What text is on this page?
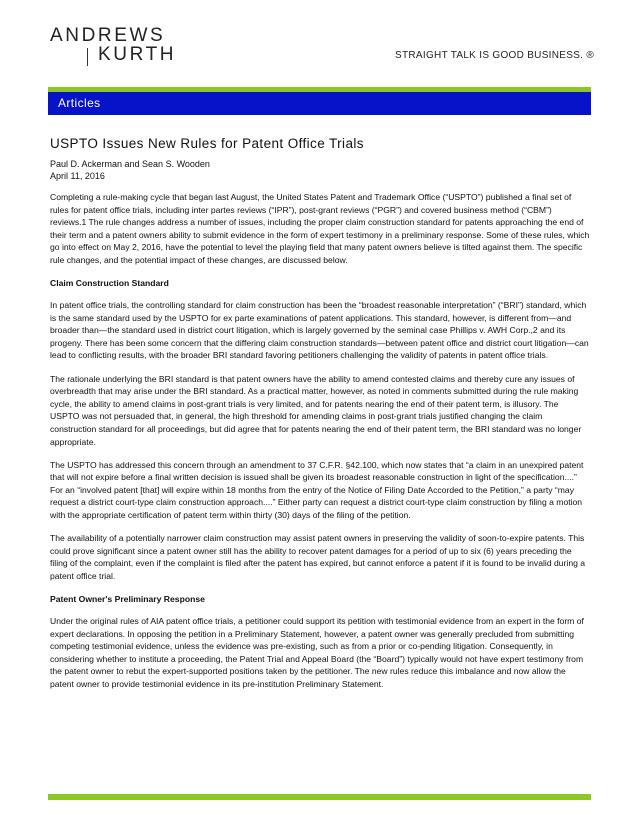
ANDREWS
KURTH	STRAIGHT TALK IS GOOD BUSINESS. ®
Articles
USPTO Issues New Rules for Patent Office Trials
Paul D. Ackerman and Sean S. Wooden
April 11, 2016

Completing a rule-making cycle that began last August, the United States Patent and Trademark Office (“USPTO”) published a final set of rules for patent office trials, including inter partes reviews (“IPR”), post-grant reviews (“PGR”) and covered business method (“CBM”) reviews.1 The rule changes address a number of issues, including the proper claim construction standard for patents approaching the end of their term and a patent owners ability to submit evidence in the form of expert testimony in a preliminary response. Some of these rules, which go into effect on May 2, 2016, have the potential to level the playing field that many patent owners believe is tilted against them. The specific rule changes, and the potential impact of these changes, are discussed below.

Claim Construction Standard

In patent office trials, the controlling standard for claim construction has been the “broadest reasonable interpretation” (“BRI”) standard, which is the same standard used by the USPTO for ex parte examinations of patent applications. This standard, however, is different from—and broader than—the standard used in district court litigation, which is largely governed by the seminal case Phillips v. AWH Corp.,2 and its progeny. There has been some concern that the differing claim construction standards—between patent office and district court litigation—can lead to conflicting results, with the broader BRI standard favoring petitioners challenging the validity of patents in patent office trials.

The rationale underlying the BRI standard is that patent owners have the ability to amend contested claims and thereby cure any issues of overbreadth that may arise under the BRI standard. As a practical matter, however, as noted in comments submitted during the rule making cycle, the ability to amend claims in post-grant trials is very limited, and for patents nearing the end of their patent term, is illusory. The USPTO was not persuaded that, in general, the high threshold for amending claims in post-grant trials justified changing the claim construction standard for all proceedings, but did agree that for patents nearing the end of their patent term, the BRI standard was no longer appropriate.

The USPTO has addressed this concern through an amendment to 37 C.F.R. §42.100, which now states that “a claim in an unexpired patent that will not expire before a final written decision is issued shall be given its broadest reasonable construction in light of the specification....” For an “involved patent [that] will expire within 18 months from the entry of the Notice of Filing Date Accorded to the Petition,” a party “may request a district court-type claim construction approach....” Either party can request a district court-type claim construction by filing a motion with the appropriate certification of patent term within thirty (30) days of the filing of the petition.

The availability of a potentially narrower claim construction may assist patent owners in preserving the validity of soon-to-expire patents. This could prove significant since a patent owner still has the ability to recover patent damages for a period of up to six (6) years preceding the filing of the complaint, even if the complaint is filed after the patent has expired, but cannot enforce a patent if it is found to be invalid during a patent office trial.

Patent Owner's Preliminary Response

Under the original rules of AIA patent office trials, a petitioner could support its petition with testimonial evidence from an expert in the form of expert declarations. In opposing the petition in a Preliminary Statement, however, a patent owner was generally precluded from submitting competing testimonial evidence, unless the evidence was pre-existing, such as from a prior or co-pending litigation. Consequently, in considering whether to institute a proceeding, the Patent Trial and Appeal Board (the “Board”) typically would not have expert testimony from the patent owner to rebut the expert-supported positions taken by the petitioner. The new rules reduce this imbalance and now allow the patent owner to provide testimonial evidence in its pre-institution Preliminary Statement.
